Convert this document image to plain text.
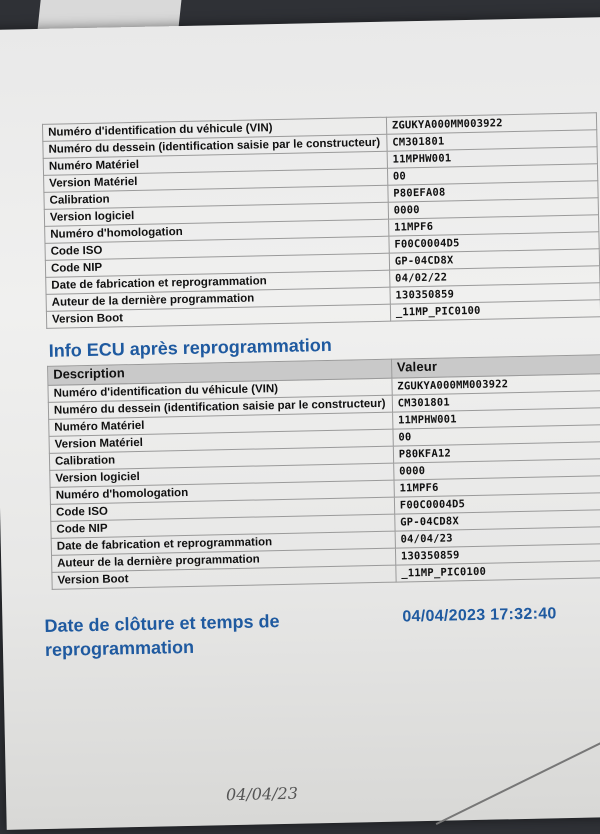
Numéro d'identification du véhicule (VIN)	ZGUKYA000MM003922
Numéro du dessein (identification saisie par le constructeur)	CM301801
Numéro Matériel	11MPHW001
Version Matériel	00
Calibration	P80EFA08
Version logiciel	0000
Numéro d'homologation	11MPF6
Code ISO	F00C0004D5
Code NIP	GP-04CD8X
Date de fabrication et reprogrammation	04/02/22
Auteur de la dernière programmation	130350859
Version Boot	_11MP_PIC0100
Info ECU après reprogrammation
Description	Valeur
Numéro d'identification du véhicule (VIN)	ZGUKYA000MM003922
Numéro du dessein (identification saisie par le constructeur)	CM301801
Numéro Matériel	11MPHW001
Version Matériel	00
Calibration	P80KFA12
Version logiciel	0000
Numéro d'homologation	11MPF6
Code ISO	F00C0004D5
Code NIP	GP-04CD8X
Date de fabrication et reprogrammation	04/04/23
Auteur de la dernière programmation	130350859
Version Boot	_11MP_PIC0100
Date de clôture et temps de reprogrammation
04/04/2023 17:32:40
04/04/23
